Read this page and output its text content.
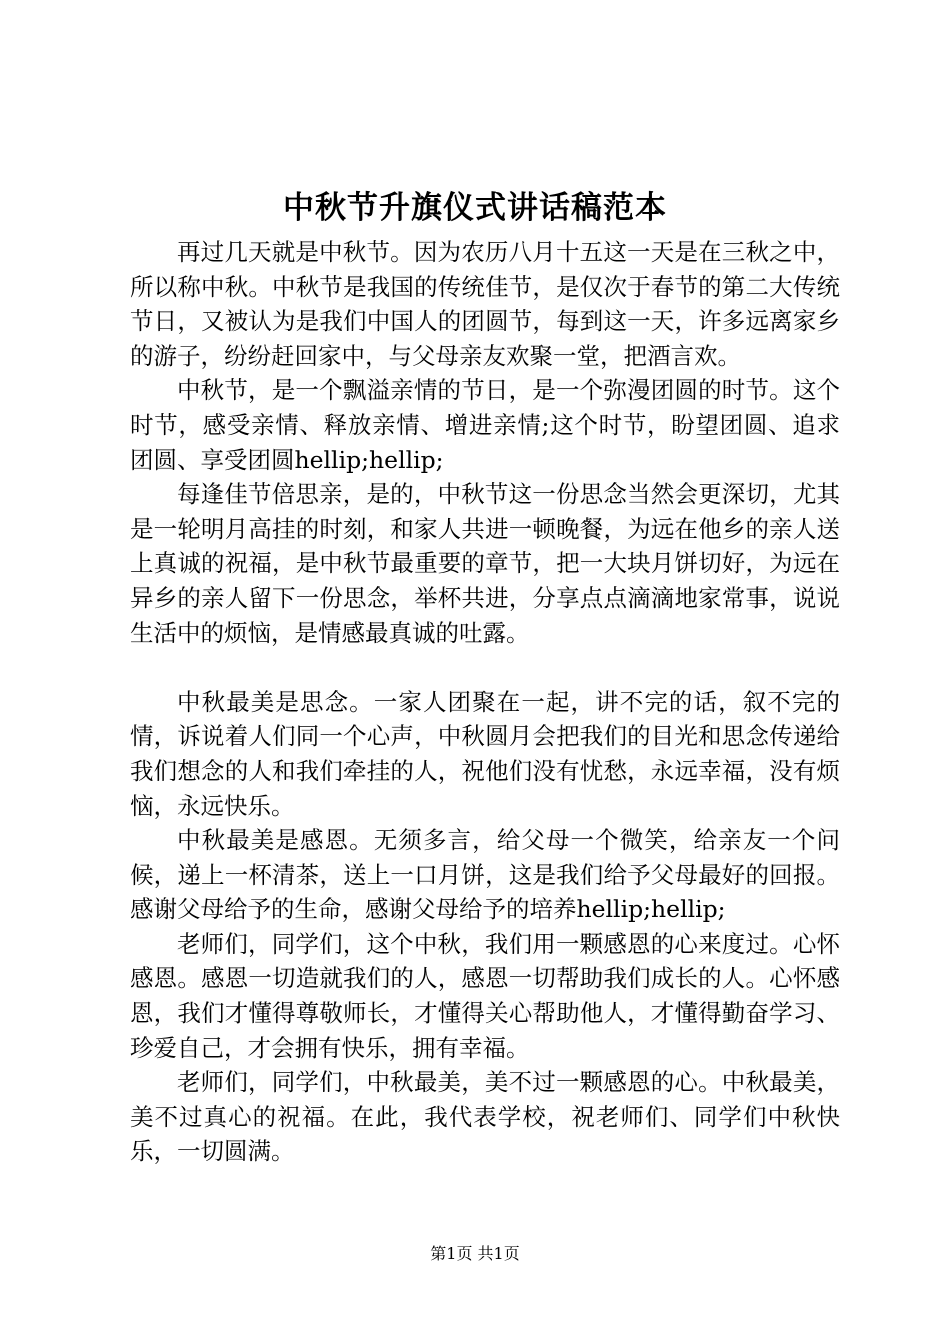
中秋节升旗仪式讲话稿范本

再过几天就是中秋节。因为农历八月十五这一天是在三秋之中，所以称中秋。中秋节是我国的传统佳节，是仅次于春节的第二大传统节日，又被认为是我们中国人的团圆节，每到这一天，许多远离家乡的游子，纷纷赶回家中，与父母亲友欢聚一堂，把酒言欢。

中秋节，是一个飘溢亲情的节日，是一个弥漫团圆的时节。这个时节，感受亲情、释放亲情、增进亲情;这个时节，盼望团圆、追求团圆、享受团圆hellip;hellip;

每逢佳节倍思亲，是的，中秋节这一份思念当然会更深切，尤其是一轮明月高挂的时刻，和家人共进一顿晚餐，为远在他乡的亲人送上真诚的祝福，是中秋节最重要的章节，把一大块月饼切好，为远在异乡的亲人留下一份思念，举杯共进，分享点点滴滴地家常事，说说生活中的烦恼，是情感最真诚的吐露。

中秋最美是思念。一家人团聚在一起，讲不完的话，叙不完的情，诉说着人们同一个心声，中秋圆月会把我们的目光和思念传递给我们想念的人和我们牵挂的人，祝他们没有忧愁，永远幸福，没有烦恼，永远快乐。

中秋最美是感恩。无须多言，给父母一个微笑，给亲友一个问候，递上一杯清茶，送上一口月饼，这是我们给予父母最好的回报。感谢父母给予的生命，感谢父母给予的培养hellip;hellip;

老师们，同学们，这个中秋，我们用一颗感恩的心来度过。心怀感恩。感恩一切造就我们的人，感恩一切帮助我们成长的人。心怀感恩，我们才懂得尊敬师长，才懂得关心帮助他人，才懂得勤奋学习、珍爱自己，才会拥有快乐，拥有幸福。

老师们，同学们，中秋最美，美不过一颗感恩的心。中秋最美，美不过真心的祝福。在此，我代表学校，祝老师们、同学们中秋快乐，一切圆满。

第1页 共1页
